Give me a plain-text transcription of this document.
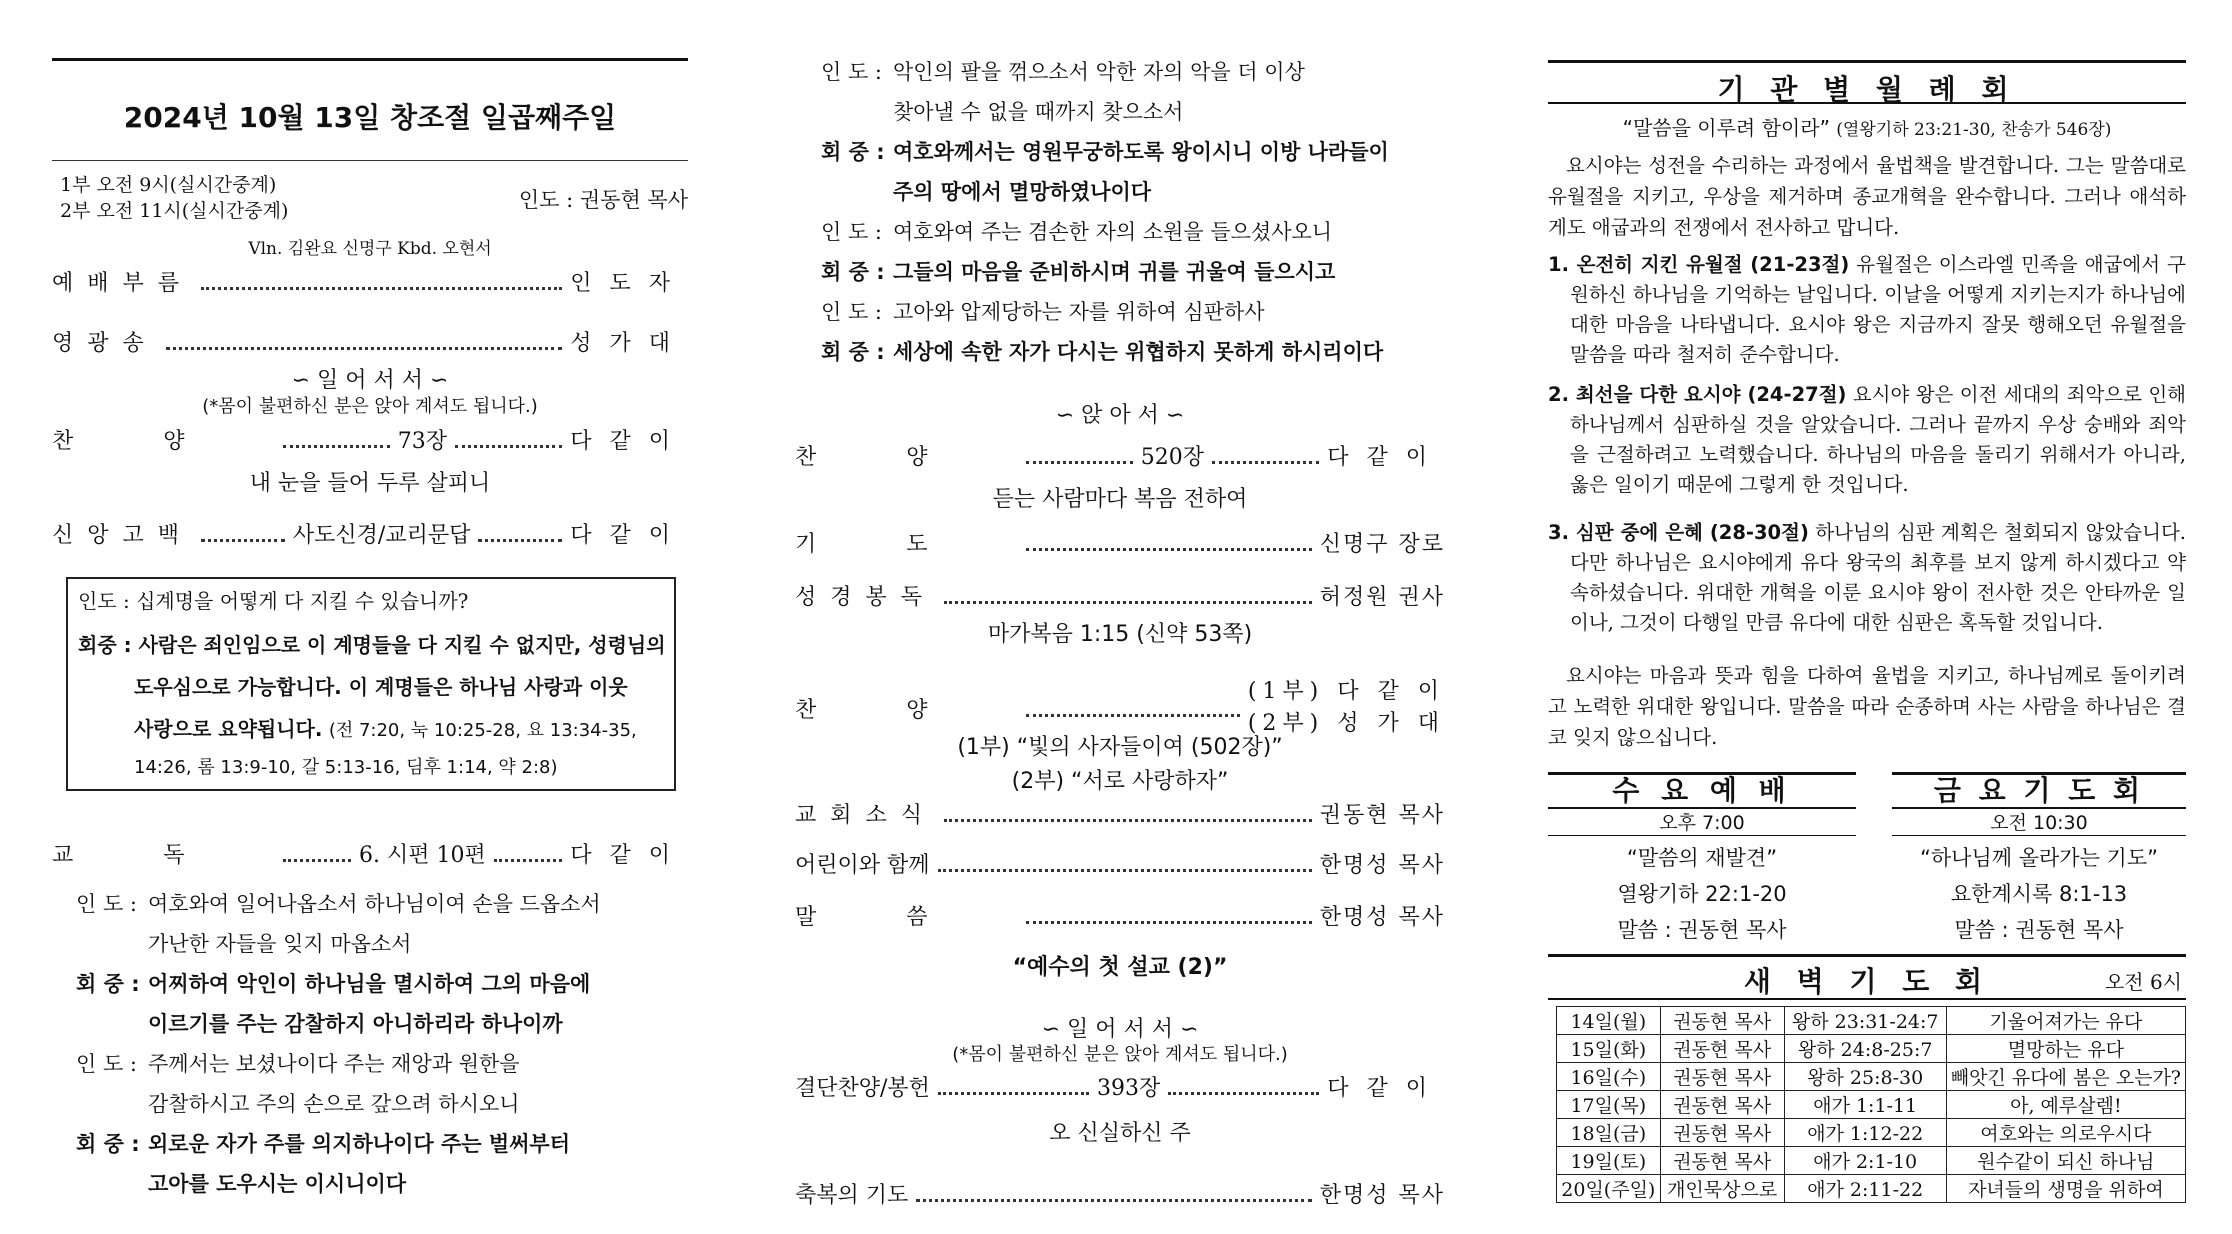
2024년 10월 13일 창조절 일곱째주일
1부 오전 9시(실시간중계)
2부 오전 11시(실시간중계)	인도 : 권동현 목사
Vln. 김완요 신명구 Kbd. 오현서
예배부름	인도자
영광송	성가대
∽ 일 어 서 서 ∽
(*몸이 불편하신 분은 앉아 계셔도 됩니다.)
찬양	73장	다같이
내 눈을 들어 두루 살피니
신앙고백	사도신경/교리문답	다같이
인도 : 십계명을 어떻게 다 지킬 수 있습니까?
회중 : 사람은 죄인임으로 이 계명들을 다 지킬 수 없지만, 성령님의
도우심으로 가능합니다. 이 계명들은 하나님 사랑과 이웃
사랑으로 요약됩니다. (전 7:20, 눅 10:25-28, 요 13:34-35,
14:26, 롬 13:9-10, 갈 5:13-16, 딤후 1:14, 약 2:8)
교독	6. 시편 10편	다같이
인 도 : 여호와여 일어나옵소서 하나님이여 손을 드옵소서
가난한 자들을 잊지 마옵소서
회 중 : 어찌하여 악인이 하나님을 멸시하여 그의 마음에
이르기를 주는 감찰하지 아니하리라 하나이까
인 도 : 주께서는 보셨나이다 주는 재앙과 원한을
감찰하시고 주의 손으로 갚으려 하시오니
회 중 : 외로운 자가 주를 의지하나이다 주는 벌써부터
고아를 도우시는 이시니이다
인 도 : 악인의 팔을 꺾으소서 악한 자의 악을 더 이상
찾아낼 수 없을 때까지 찾으소서
회 중 : 여호와께서는 영원무궁하도록 왕이시니 이방 나라들이
주의 땅에서 멸망하였나이다
인 도 : 여호와여 주는 겸손한 자의 소원을 들으셨사오니
회 중 : 그들의 마음을 준비하시며 귀를 귀울여 들으시고
인 도 : 고아와 압제당하는 자를 위하여 심판하사
회 중 : 세상에 속한 자가 다시는 위협하지 못하게 하시리이다
∽ 앉 아 서 ∽
찬양	520장	다같이
듣는 사람마다 복음 전하여
기도	신명구 장로
성경봉독	허정원 권사
마가복음 1:15 (신약 53쪽)
찬양
(1부) 다 같 이
(2부) 성 가 대
(1부) “빛의 사자들이여 (502장)”
(2부) “서로 사랑하자”
교회소식	권동현 목사
어린이와 함께	한명성 목사
말씀	한명성 목사
“예수의 첫 설교 (2)”
∽ 일 어 서 서 ∽
(*몸이 불편하신 분은 앉아 계셔도 됩니다.)
결단찬양/봉헌	393장	다같이
오 신실하신 주
축복의 기도	한명성 목사
기 관 별 월 례 회
“말씀을 이루려 함이라” (열왕기하 23:21-30, 찬송가 546장)
요시야는 성전을 수리하는 과정에서 율법책을 발견합니다. 그는 말씀대로 유월절을 지키고, 우상을 제거하며 종교개혁을 완수합니다. 그러나 애석하게도 애굽과의 전쟁에서 전사하고 맙니다.
1. 온전히 지킨 유월절 (21-23절) 유월절은 이스라엘 민족을 애굽에서 구원하신 하나님을 기억하는 날입니다. 이날을 어떻게 지키는지가 하나님에 대한 마음을 나타냅니다. 요시야 왕은 지금까지 잘못 행해오던 유월절을 말씀을 따라 철저히 준수합니다.
2. 최선을 다한 요시야 (24-27절) 요시야 왕은 이전 세대의 죄악으로 인해 하나님께서 심판하실 것을 알았습니다. 그러나 끝까지 우상 숭배와 죄악을 근절하려고 노력했습니다. 하나님의 마음을 돌리기 위해서가 아니라, 옳은 일이기 때문에 그렇게 한 것입니다.
3. 심판 중에 은혜 (28-30절) 하나님의 심판 계획은 철회되지 않았습니다. 다만 하나님은 요시야에게 유다 왕국의 최후를 보지 않게 하시겠다고 약속하셨습니다. 위대한 개혁을 이룬 요시야 왕이 전사한 것은 안타까운 일이나, 그것이 다행일 만큼 유다에 대한 심판은 혹독할 것입니다.
요시야는 마음과 뜻과 힘을 다하여 율법을 지키고, 하나님께로 돌이키려고 노력한 위대한 왕입니다. 말씀을 따라 순종하며 사는 사람을 하나님은 결코 잊지 않으십니다.
수 요 예 배
오후 7:00
“말씀의 재발견”
열왕기하 22:1-20
말씀 : 권동현 목사
금 요 기 도 회
오전 10:30
“하나님께 올라가는 기도”
요한계시록 8:1-13
말씀 : 권동현 목사
새 벽 기 도 회	오전 6시
14일(월)	권동현 목사	왕하 23:31-24:7	기울어져가는 유다
15일(화)	권동현 목사	왕하 24:8-25:7	멸망하는 유다
16일(수)	권동현 목사	왕하 25:8-30	빼앗긴 유다에 봄은 오는가?
17일(목)	권동현 목사	애가 1:1-11	아, 예루살렘!
18일(금)	권동현 목사	애가 1:12-22	여호와는 의로우시다
19일(토)	권동현 목사	애가 2:1-10	원수같이 되신 하나님
20일(주일)	개인묵상으로	애가 2:11-22	자녀들의 생명을 위하여
